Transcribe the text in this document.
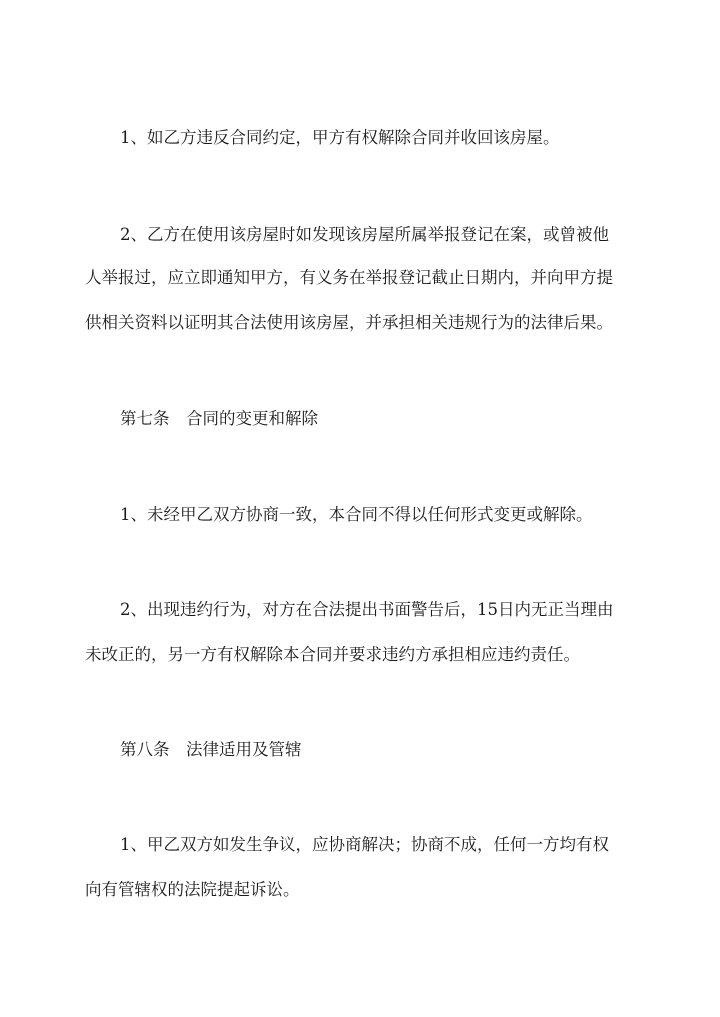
1、如乙方违反合同约定，甲方有权解除合同并收回该房屋。
2、乙方在使用该房屋时如发现该房屋所属举报登记在案，或曾被他
人举报过，应立即通知甲方，有义务在举报登记截止日期内，并向甲方提
供相关资料以证明其合法使用该房屋，并承担相关违规行为的法律后果。
第七条　合同的变更和解除
1、未经甲乙双方协商一致，本合同不得以任何形式变更或解除。
2、出现违约行为，对方在合法提出书面警告后，15日内无正当理由
未改正的，另一方有权解除本合同并要求违约方承担相应违约责任。
第八条　法律适用及管辖
1、甲乙双方如发生争议，应协商解决；协商不成，任何一方均有权
向有管辖权的法院提起诉讼。
